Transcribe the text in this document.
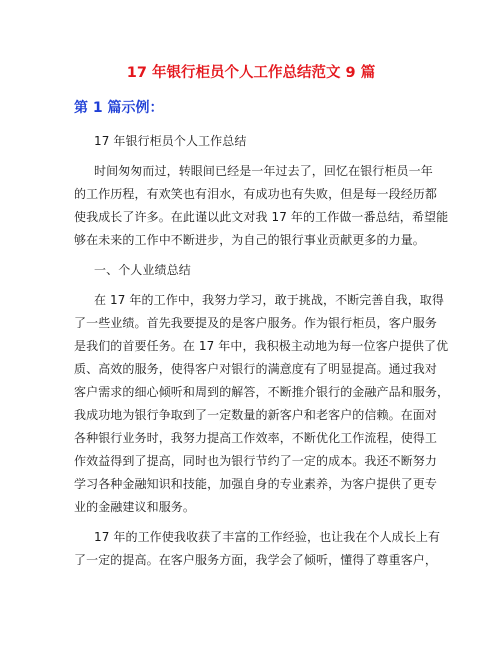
17 年银行柜员个人工作总结范文 9 篇
第 1 篇示例：
17 年银行柜员个人工作总结
时间匆匆而过，转眼间已经是一年过去了，回忆在银行柜员一年
的工作历程，有欢笑也有泪水，有成功也有失败，但是每一段经历都
使我成长了许多。在此谨以此文对我 17 年的工作做一番总结，希望能
够在未来的工作中不断进步，为自己的银行事业贡献更多的力量。
一、个人业绩总结
在 17 年的工作中，我努力学习，敢于挑战，不断完善自我，取得
了一些业绩。首先我要提及的是客户服务。作为银行柜员，客户服务
是我们的首要任务。在 17 年中，我积极主动地为每一位客户提供了优
质、高效的服务，使得客户对银行的满意度有了明显提高。通过我对
客户需求的细心倾听和周到的解答，不断推介银行的金融产品和服务，
我成功地为银行争取到了一定数量的新客户和老客户的信赖。在面对
各种银行业务时，我努力提高工作效率，不断优化工作流程，使得工
作效益得到了提高，同时也为银行节约了一定的成本。我还不断努力
学习各种金融知识和技能，加强自身的专业素养，为客户提供了更专
业的金融建议和服务。
17 年的工作使我收获了丰富的工作经验，也让我在个人成长上有
了一定的提高。在客户服务方面，我学会了倾听，懂得了尊重客户，
